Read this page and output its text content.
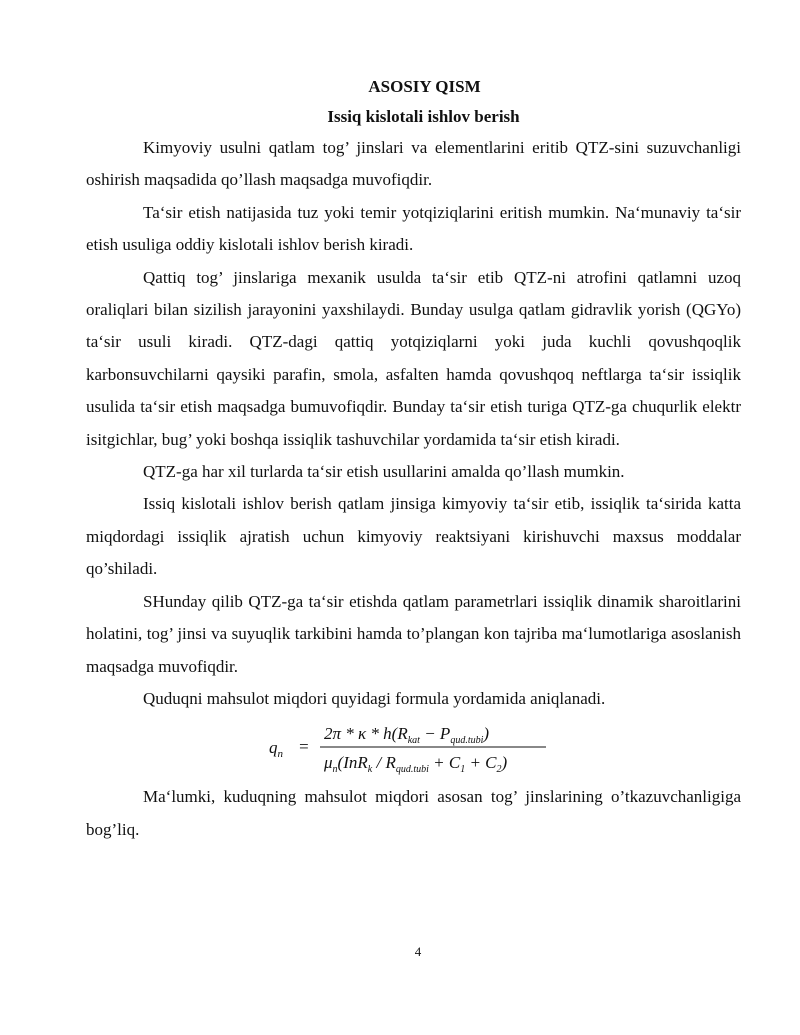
ASOSIY QISM
Issiq kislotali ishlov berish

Kimyoviy usulni qatlam tog’ jinslari va elementlarini eritib QTZ-sini suzuvchanligi oshirish maqsadida qo’llash maqsadga muvofiqdir.

Ta‘sir etish natijasida tuz yoki temir yotqiziqlarini eritish mumkin. Na‘munaviy ta‘sir etish usuliga oddiy kislotali ishlov berish kiradi.

Qattiq tog’ jinslariga mexanik usulda ta‘sir etib QTZ-ni atrofini qatlamni uzoq oraliqlari bilan sizilish jarayonini yaxshilaydi. Bunday usulga qatlam gidravlik yorish (QGYo) ta‘sir usuli kiradi. QTZ-dagi qattiq yotqiziqlarni yoki juda kuchli qovushqoqlik karbonsuvchilarni qaysiki parafin, smola, asfalten hamda qovushqoq neftlarga ta‘sir issiqlik usulida ta‘sir etish maqsadga bumuvofiqdir. Bunday ta‘sir etish turiga QTZ-ga chuqurlik elektr isitgichlar, bug’ yoki boshqa issiqlik tashuvchilar yordamida ta‘sir etish kiradi.

QTZ-ga har xil turlarda ta‘sir etish usullarini amalda qo’llash mumkin.

Issiq kislotali ishlov berish qatlam jinsiga kimyoviy ta‘sir etib, issiqlik ta‘sirida katta miqdordagi issiqlik ajratish uchun kimyoviy reaktsiyani kirishuvchi maxsus moddalar qo’shiladi.

SHunday qilib QTZ-ga ta‘sir etishda qatlam parametrlari issiqlik dinamik sharoitlarini holatini, tog’ jinsi va suyuqlik tarkibini hamda to’plangan kon tajriba ma‘lumotlariga asoslanish maqsadga muvofiqdir.

Quduqni mahsulot miqdori quyidagi formula yordamida aniqlanadi.

$q_n$ =
$2\pi * \kappa * h(R_{kat} - P_{qud.tubi})$
$\mu_n(InR_k / R_{qud.tubi} + C_1 + C_2)$

Ma‘lumki, kuduqning mahsulot miqdori asosan tog’ jinslarining o’tkazuvchanligiga bog’liq.

4
